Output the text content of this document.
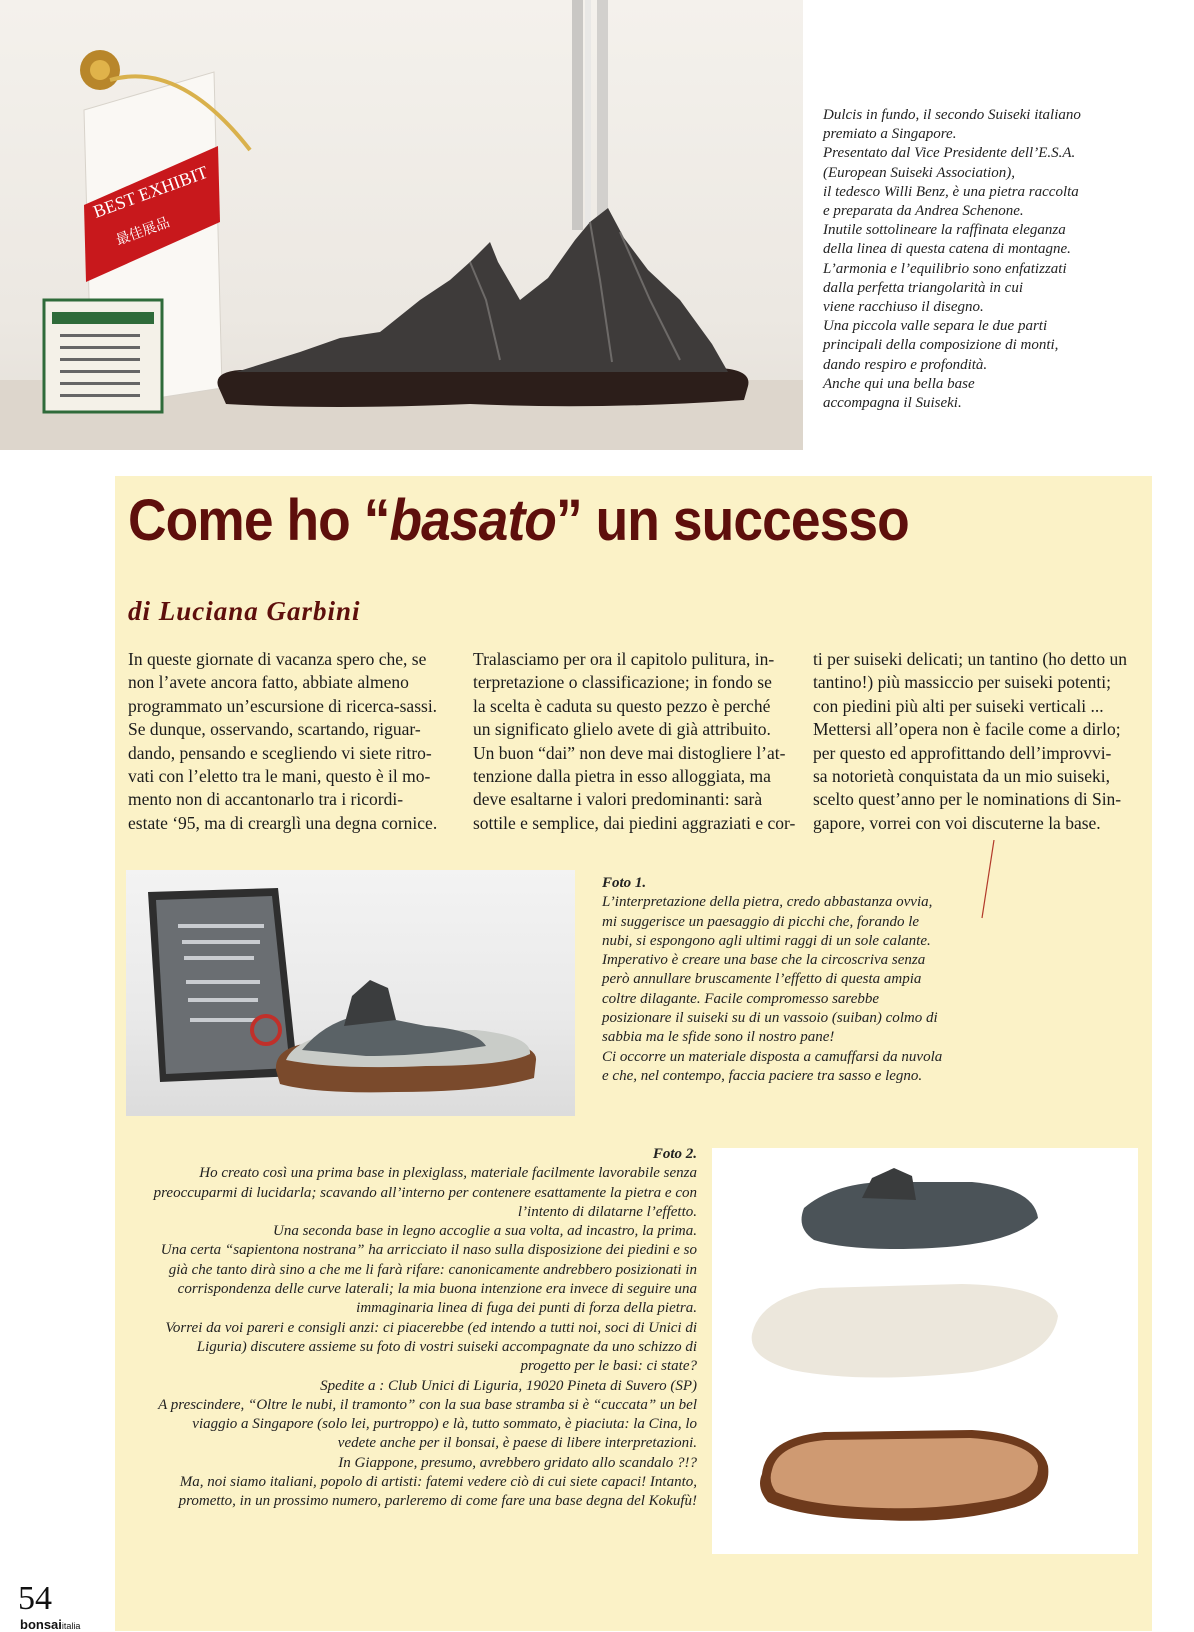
BEST EXHIBIT
最佳展品
Dulcis in fundo, il secondo Suiseki italiano
premiato a Singapore.
Presentato dal Vice Presidente dell’E.S.A.
(European Suiseki Association),
il tedesco Willi Benz, è una pietra raccolta
e preparata da Andrea Schenone.
Inutile sottolineare la raffinata eleganza
della linea di questa catena di montagne.
L’armonia e l’equilibrio sono enfatizzati
dalla perfetta triangolarità in cui
viene racchiuso il disegno.
Una piccola valle separa le due parti
principali della composizione di monti,
dando respiro e profondità.
Anche qui una bella base
accompagna il Suiseki.
Come ho “basato” un successo
di Luciana Garbini
In queste giornate di vacanza spero che, se
non l’avete ancora fatto, abbiate almeno
programmato un’escursione di ricerca-sassi.
Se dunque, osservando, scartando, riguar-
dando, pensando e scegliendo vi siete ritro-
vati con l’eletto tra le mani, questo è il mo-
mento non di accantonarlo tra i ricordi-
estate ‘95, ma di crearglì una degna cornice.
Tralasciamo per ora il capitolo pulitura, in-
terpretazione o classificazione; in fondo se
la scelta è caduta su questo pezzo è perché
un significato glielo avete di già attribuito.
Un buon “dai” non deve mai distogliere l’at-
tenzione dalla pietra in esso alloggiata, ma
deve esaltarne i valori predominanti: sarà
sottile e semplice, dai piedini aggraziati e cor-
ti per suiseki delicati; un tantino (ho detto un
tantino!) più massiccio per suiseki potenti;
con piedini più alti per suiseki verticali ...
Mettersi all’opera non è facile come a dirlo;
per questo ed approfittando dell’improvvi-
sa notorietà conquistata da un mio suiseki,
scelto quest’anno per le nominations di Sin-
gapore, vorrei con voi discuterne la base.
Foto 1.
L’interpretazione della pietra, credo abbastanza ovvia,
mi suggerisce un paesaggio di picchi che, forando le
nubi, si espongono agli ultimi raggi di un sole calante.
Imperativo è creare una base che la circoscriva senza
però annullare bruscamente l’effetto di questa ampia
coltre dilagante. Facile compromesso sarebbe
posizionare il suiseki su di un vassoio (suiban) colmo di
sabbia ma le sfide sono il nostro pane!
Ci occorre un materiale disposta a camuffarsi da nuvola
e che, nel contempo, faccia paciere tra sasso e legno.
Foto 2.
Ho creato così una prima base in plexiglass, materiale facilmente lavorabile senza
preoccuparmi di lucidarla; scavando all’interno per contenere esattamente la pietra e con
l’intento di dilatarne l’effetto.
Una seconda base in legno accoglie a sua volta, ad incastro, la prima.
Una certa “sapientona nostrana” ha arricciato il naso sulla disposizione dei piedini e so
già che tanto dirà sino a che me li farà rifare: canonicamente andrebbero posizionati in
corrispondenza delle curve laterali; la mia buona intenzione era invece di seguire una
immaginaria linea di fuga dei punti di forza della pietra.
Vorrei da voi pareri e consigli anzi: ci piacerebbe (ed intendo a tutti noi, soci di Unici di
Liguria) discutere assieme su foto di vostri suiseki accompagnate da uno schizzo di
progetto per le basi: ci state?
Spedite a : Club Unici di Liguria, 19020 Pineta di Suvero (SP)
A prescindere, “Oltre le nubi, il tramonto” con la sua base stramba si è “cuccata” un bel
viaggio a Singapore (solo lei, purtroppo) e là, tutto sommato, è piaciuta: la Cina, lo
vedete anche per il bonsai, è paese di libere interpretazioni.
In Giappone, presumo, avrebbero gridato allo scandalo ?!?
Ma, noi siamo italiani, popolo di artisti: fatemi vedere ciò di cui siete capaci! Intanto,
prometto, in un prossimo numero, parleremo di come fare una base degna del Kokufù!
54
bonsaiitalia
